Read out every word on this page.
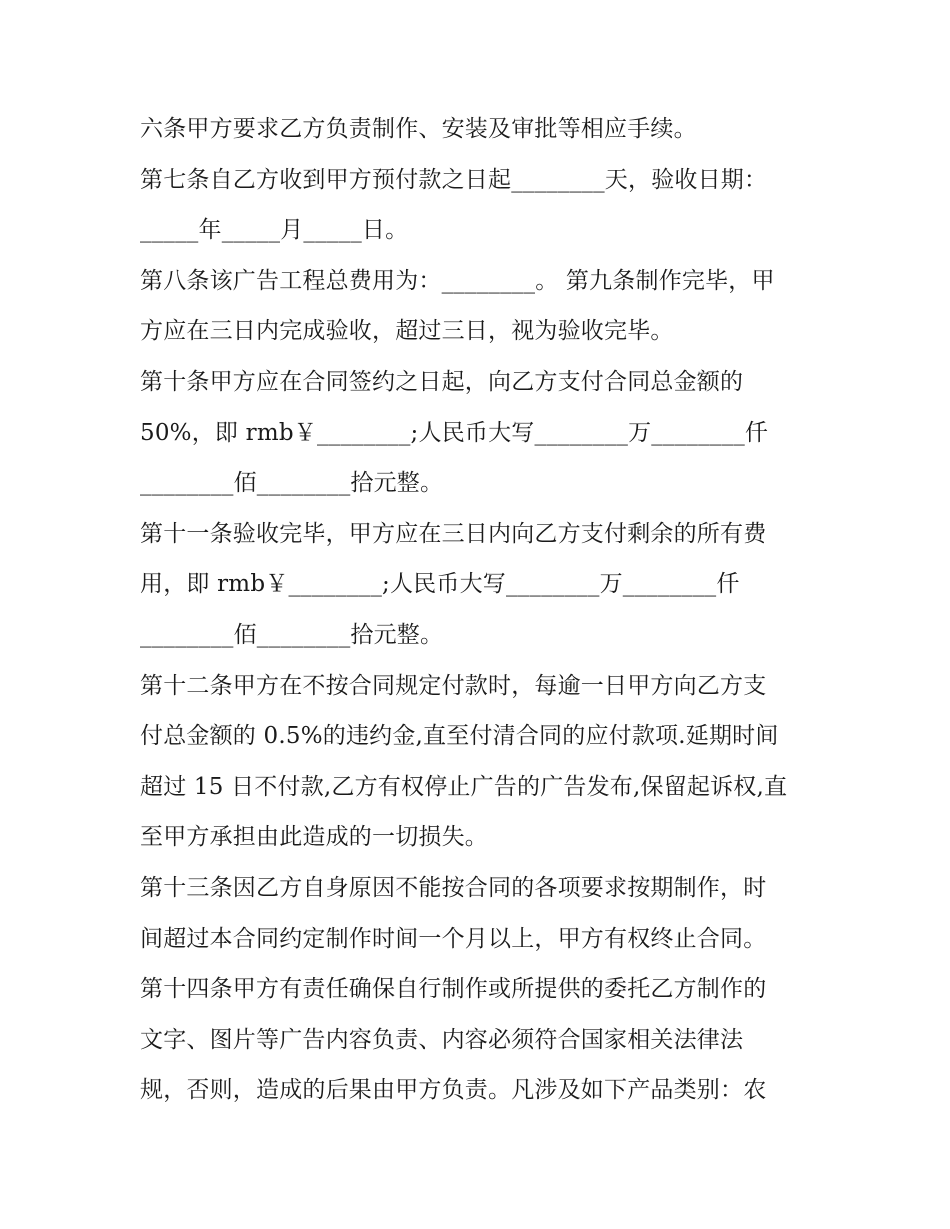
六条甲方要求乙方负责制作、安装及审批等相应手续。
第七条自乙方收到甲方预付款之日起________天，验收日期：
_____年_____月_____日。
第八条该广告工程总费用为：________。 第九条制作完毕，甲
方应在三日内完成验收，超过三日，视为验收完毕。
第十条甲方应在合同签约之日起，向乙方支付合同总金额的
50%，即 rmb￥________;人民币大写________万________仟
________佰________拾元整。
第十一条验收完毕，甲方应在三日内向乙方支付剩余的所有费
用，即 rmb￥________;人民币大写________万________仟
________佰________拾元整。
第十二条甲方在不按合同规定付款时，每逾一日甲方向乙方支
付总金额的 0.5%的违约金,直至付清合同的应付款项.延期时间
超过 15 日不付款,乙方有权停止广告的广告发布,保留起诉权,直
至甲方承担由此造成的一切损失。
第十三条因乙方自身原因不能按合同的各项要求按期制作，时
间超过本合同约定制作时间一个月以上，甲方有权终止合同。
第十四条甲方有责任确保自行制作或所提供的委托乙方制作的
文字、图片等广告内容负责、内容必须符合国家相关法律法
规，否则，造成的后果由甲方负责。凡涉及如下产品类别：农
